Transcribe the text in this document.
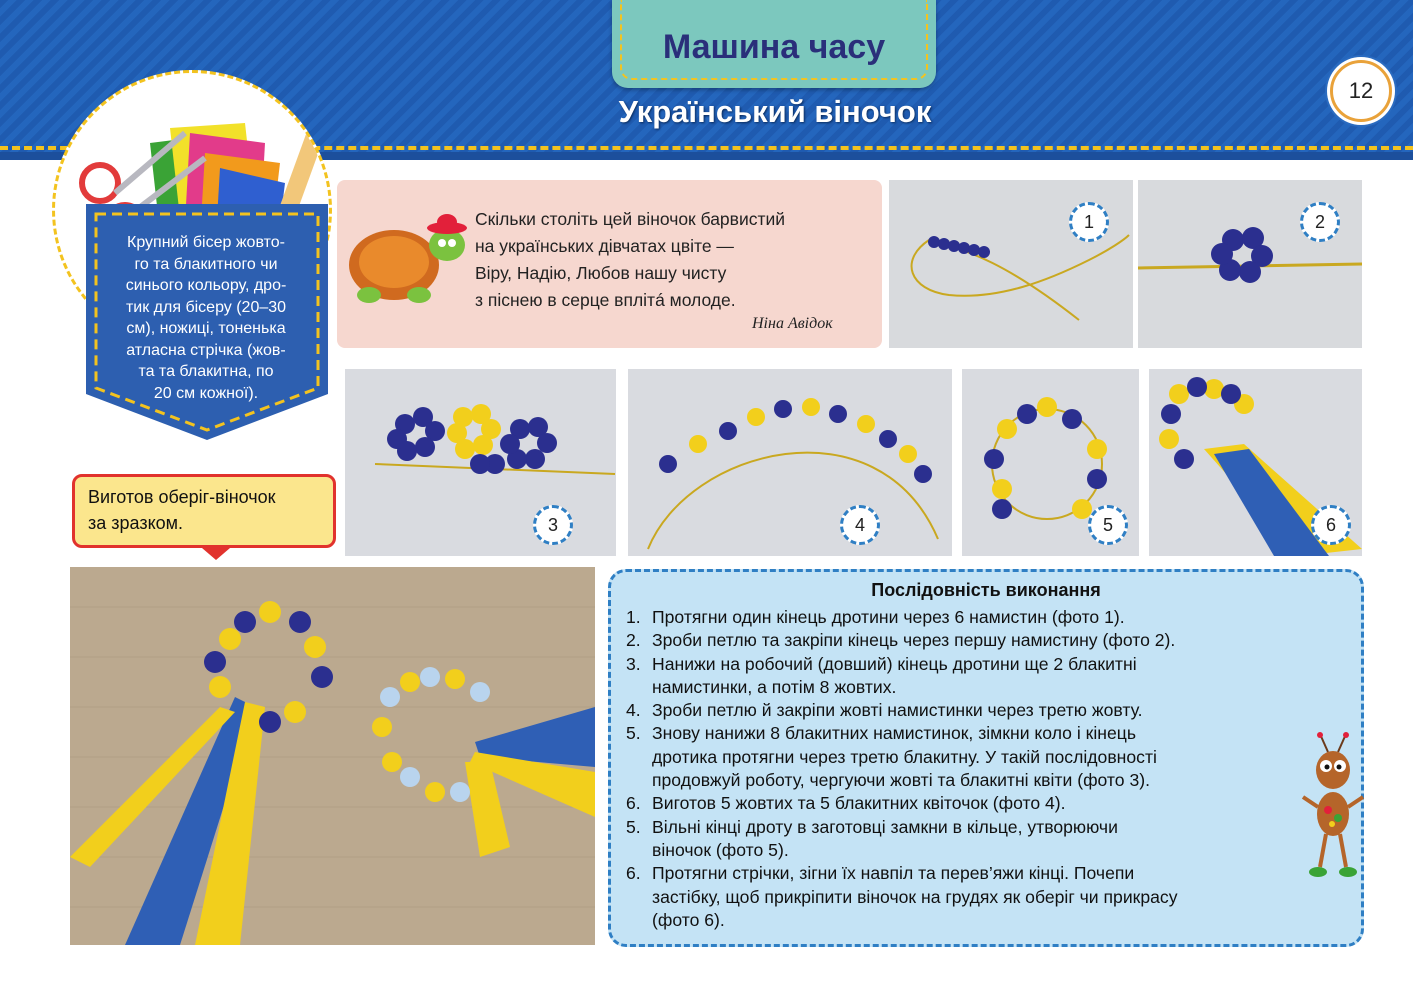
Машина часу
Український віночок
12
Крупний бісер жовто-
го та блакитного чи
синього кольору, дро-
тик для бісеру (20–30
см), ножиці, тоненька
атласна стрічка (жов-
та та блакитна, по
20 см кожної).
Скільки століть цей віночок барвистий
на українських дівчатах цвіте —
Віру, Надію, Любов нашу чисту
з піснею в серце вплітá молоде.
Ніна Авідок
1	2
3	4	5	6
Виготов оберіг-віночок
за зразком.
Послідовність виконання
1. Протягни один кінець дротини через 6 намистин (фото 1).
2. Зроби петлю та закріпи кінець через першу намистину (фото 2).
3. Нанижи на робочий (довший) кінець дротини ще 2 блакитні
намистинки, а потім 8 жовтих.
4. Зроби петлю й закріпи жовті намистинки через третю жовту.
5. Знову нанижи 8 блакитних намистинок, зімкни коло і кінець
дротика протягни через третю блакитну. У такій послідовності
продовжуй роботу, чергуючи жовті та блакитні квіти (фото 3).
6. Виготов 5 жовтих та 5 блакитних квіточок (фото 4).
5. Вільні кінці дроту в заготовці замкни в кільце, утворюючи
віночок (фото 5).
6. Протягни стрічки, зігни їх навпіл та перев’яжи кінці. Почепи
застібку, щоб прикріпити віночок на грудях як оберіг чи прикрасу
(фото 6).
